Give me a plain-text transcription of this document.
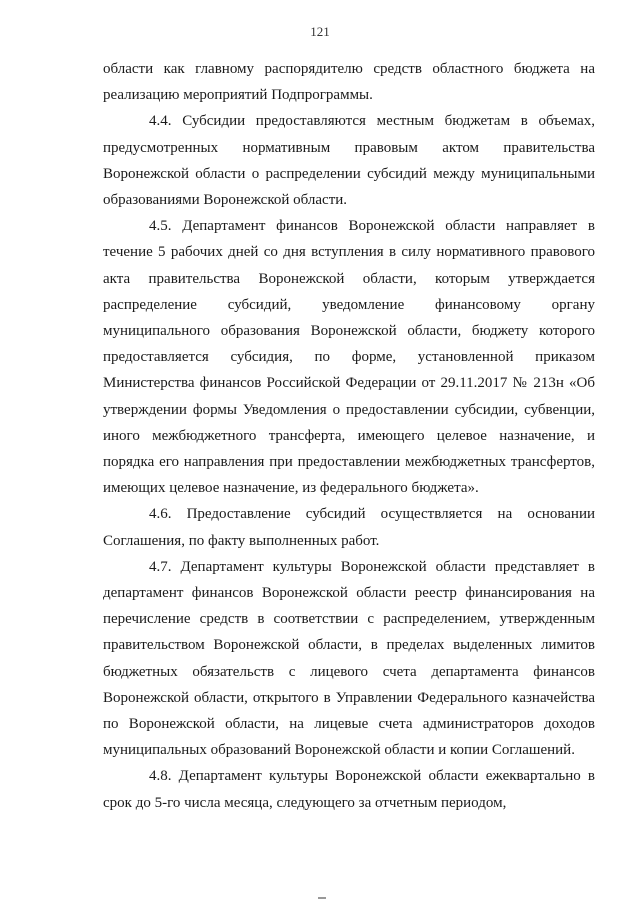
121

области как главному распорядителю средств областного бюджета на реализацию мероприятий Подпрограммы.

4.4. Субсидии предоставляются местным бюджетам в объемах, предусмотренных нормативным правовым актом правительства Воронежской области о распределении субсидий между муниципальными образованиями Воронежской области.

4.5. Департамент финансов Воронежской области направляет в течение 5 рабочих дней со дня вступления в силу нормативного правового акта правительства Воронежской области, которым утверждается распределение субсидий, уведомление финансовому органу муниципального образования Воронежской области, бюджету которого предоставляется субсидия, по форме, установленной приказом Министерства финансов Российской Федерации от 29.11.2017 № 213н «Об утверждении формы Уведомления о предоставлении субсидии, субвенции, иного межбюджетного трансферта, имеющего целевое назначение, и порядка его направления при предоставлении межбюджетных трансфертов, имеющих целевое назначение, из федерального бюджета».

4.6. Предоставление субсидий осуществляется на основании Соглашения, по факту выполненных работ.

4.7. Департамент культуры Воронежской области представляет в департамент финансов Воронежской области реестр финансирования на перечисление средств в соответствии с распределением, утвержденным правительством Воронежской области, в пределах выделенных лимитов бюджетных обязательств с лицевого счета департамента финансов Воронежской области, открытого в Управлении Федерального казначейства по Воронежской области, на лицевые счета администраторов доходов муниципальных образований Воронежской области и копии Соглашений.

4.8. Департамент культуры Воронежской области ежеквартально в срок до 5-го числа месяца, следующего за отчетным периодом,
